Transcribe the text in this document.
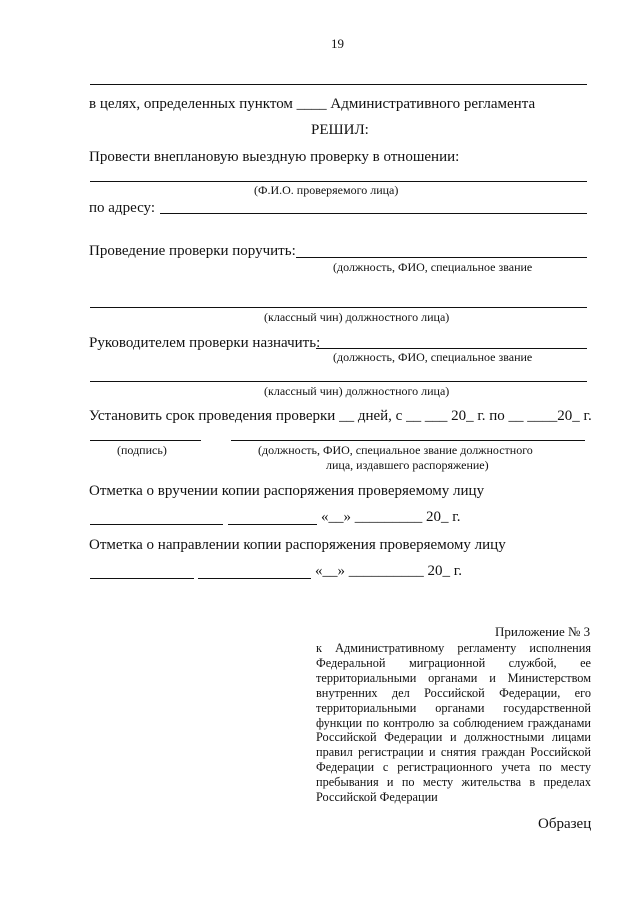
19
в целях, определенных пунктом ____ Административного регламента
РЕШИЛ:
Провести внеплановую выездную проверку в отношении:
(Ф.И.О. проверяемого лица)
по адресу:
Проведение проверки поручить:
(должность, ФИО, специальное звание
(классный чин) должностного лица)
Руководителем проверки назначить:
(должность, ФИО, специальное звание
(классный чин) должностного лица)
Установить срок проведения проверки __ дней, с __ ___ 20_ г. по __ ____20_ г.
(подпись)	(должность, ФИО, специальное звание должностного
лица, издавшего распоряжение)
Отметка о вручении копии распоряжения проверяемому лицу
«__» _________ 20_ г.
Отметка о направлении копии распоряжения проверяемому лицу
«__» __________ 20_ г.
Приложение № 3
к Административному регламенту исполнения Федеральной миграционной службой, ее территориальными органами и Министерством внутренних дел Российской Федерации, его территориальными органами государственной функции по контролю за соблюдением гражданами Российской Федерации и должностными лицами правил регистрации и снятия граждан Российской Федерации с регистрационного учета по месту пребывания и по месту жительства в пределах Российской Федерации
Образец
